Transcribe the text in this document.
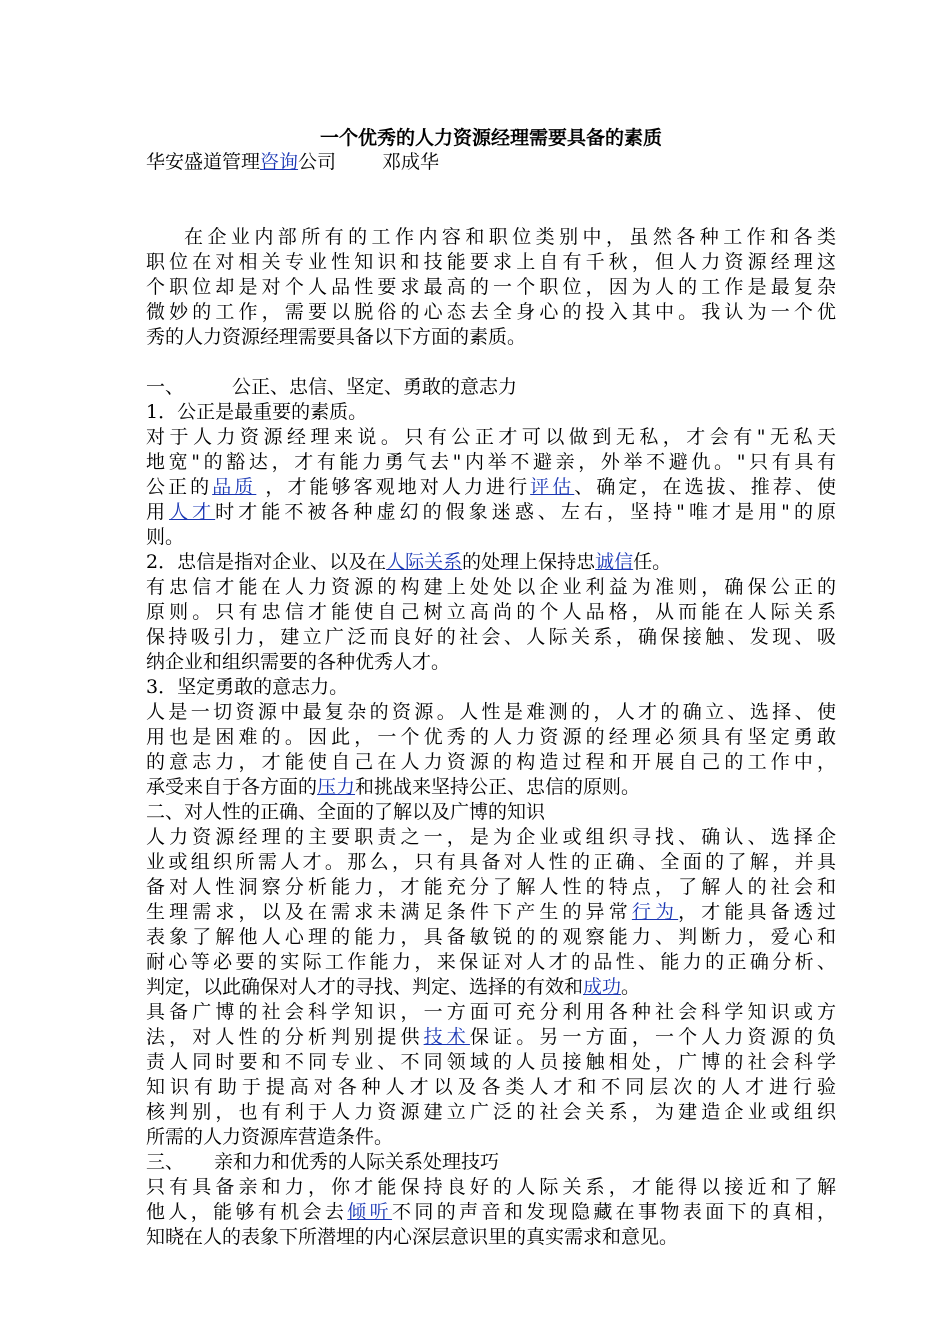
一个优秀的人力资源经理需要具备的素质

华安盛道管理咨询公司 邓成华

在企业内部所有的工作内容和职位类别中，虽然各种工作和各类

职位在对相关专业性知识和技能要求上自有千秋，但人力资源经理这

个职位却是对个人品性要求最高的一个职位，因为人的工作是最复杂

微妙的工作，需要以脱俗的心态去全身心的投入其中。我认为一个优

秀的人力资源经理需要具备以下方面的素质。

一、	公正、忠信、坚定、勇敢的意志力

1．公正是最重要的素质。

对于人力资源经理来说。只有公正才可以做到无私，才会有"无私天

地宽"的豁达，才有能力勇气去"内举不避亲，外举不避仇。"只有具有

公正的品质 ，才能够客观地对人力进行评估、确定，在选拔、推荐、使

用人才时才能不被各种虚幻的假象迷惑、左右，坚持"唯才是用"的原

则。

2．忠信是指对企业、以及在人际关系的处理上保持忠诚信任。

有忠信才能在人力资源的构建上处处以企业利益为准则，确保公正的

原则。只有忠信才能使自己树立高尚的个人品格，从而能在人际关系

保持吸引力，建立广泛而良好的社会、人际关系，确保接触、发现、吸

纳企业和组织需要的各种优秀人才。

3．坚定勇敢的意志力。

人是一切资源中最复杂的资源。人性是难测的，人才的确立、选择、使

用也是困难的。因此，一个优秀的人力资源的经理必须具有坚定勇敢

的意志力，才能使自己在人力资源的构造过程和开展自己的工作中，

承受来自于各方面的压力和挑战来坚持公正、忠信的原则。

二、对人性的正确、全面的了解以及广博的知识

人力资源经理的主要职责之一，是为企业或组织寻找、确认、选择企

业或组织所需人才。那么，只有具备对人性的正确、全面的了解，并具

备对人性洞察分析能力，才能充分了解人性的特点，了解人的社会和

生理需求，以及在需求未满足条件下产生的异常行为，才能具备透过

表象了解他人心理的能力，具备敏锐的的观察能力、判断力，爱心和

耐心等必要的实际工作能力，来保证对人才的品性、能力的正确分析、

判定，以此确保对人才的寻找、判定、选择的有效和成功。

具备广博的社会科学知识，一方面可充分利用各种社会科学知识或方

法，对人性的分析判别提供技术保证。另一方面，一个人力资源的负

责人同时要和不同专业、不同领域的人员接触相处，广博的社会科学

知识有助于提高对各种人才以及各类人才和不同层次的人才进行验

核判别，也有利于人力资源建立广泛的社会关系，为建造企业或组织

所需的人力资源库营造条件。

三、 亲和力和优秀的人际关系处理技巧

只有具备亲和力，你才能保持良好的人际关系，才能得以接近和了解

他人，能够有机会去倾听不同的声音和发现隐藏在事物表面下的真相，

知晓在人的表象下所潜埋的内心深层意识里的真实需求和意见。
